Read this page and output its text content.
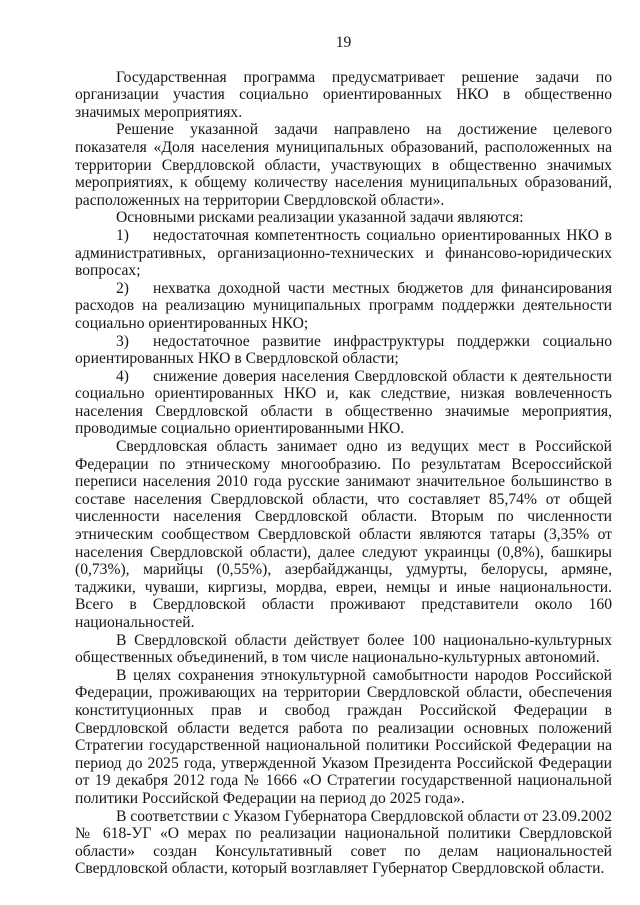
19

Государственная программа предусматривает решение задачи по организации участия социально ориентированных НКО в общественно значимых мероприятиях.

Решение указанной задачи направлено на достижение целевого показателя «Доля населения муниципальных образований, расположенных на территории Свердловской области, участвующих в общественно значимых мероприятиях, к общему количеству населения муниципальных образований, расположенных на территории Свердловской области».

Основными рисками реализации указанной задачи являются:

1) недостаточная компетентность социально ориентированных НКО в административных, организационно-технических и финансово-юридических вопросах;

2) нехватка доходной части местных бюджетов для финансирования расходов на реализацию муниципальных программ поддержки деятельности социально ориентированных НКО;

3) недостаточное развитие инфраструктуры поддержки социально ориентированных НКО в Свердловской области;

4) снижение доверия населения Свердловской области к деятельности социально ориентированных НКО и, как следствие, низкая вовлеченность населения Свердловской области в общественно значимые мероприятия, проводимые социально ориентированными НКО.

Свердловская область занимает одно из ведущих мест в Российской Федерации по этническому многообразию. По результатам Всероссийской переписи населения 2010 года русские занимают значительное большинство в составе населения Свердловской области, что составляет 85,74% от общей численности населения Свердловской области. Вторым по численности этническим сообществом Свердловской области являются татары (3,35% от населения Свердловской области), далее следуют украинцы (0,8%), башкиры (0,73%), марийцы (0,55%), азербайджанцы, удмурты, белорусы, армяне, таджики, чуваши, киргизы, мордва, евреи, немцы и иные национальности. Всего в Свердловской области проживают представители около 160 национальностей.

В Свердловской области действует более 100 национально-культурных общественных объединений, в том числе национально-культурных автономий.

В целях сохранения этнокультурной самобытности народов Российской Федерации, проживающих на территории Свердловской области, обеспечения конституционных прав и свобод граждан Российской Федерации в Свердловской области ведется работа по реализации основных положений Стратегии государственной национальной политики Российской Федерации на период до 2025 года, утвержденной Указом Президента Российской Федерации от 19 декабря 2012 года № 1666 «О Стратегии государственной национальной политики Российской Федерации на период до 2025 года».

В соответствии с Указом Губернатора Свердловской области от 23.09.2002 № 618-УГ «О мерах по реализации национальной политики Свердловской области» создан Консультативный совет по делам национальностей Свердловской области, который возглавляет Губернатор Свердловской области.
